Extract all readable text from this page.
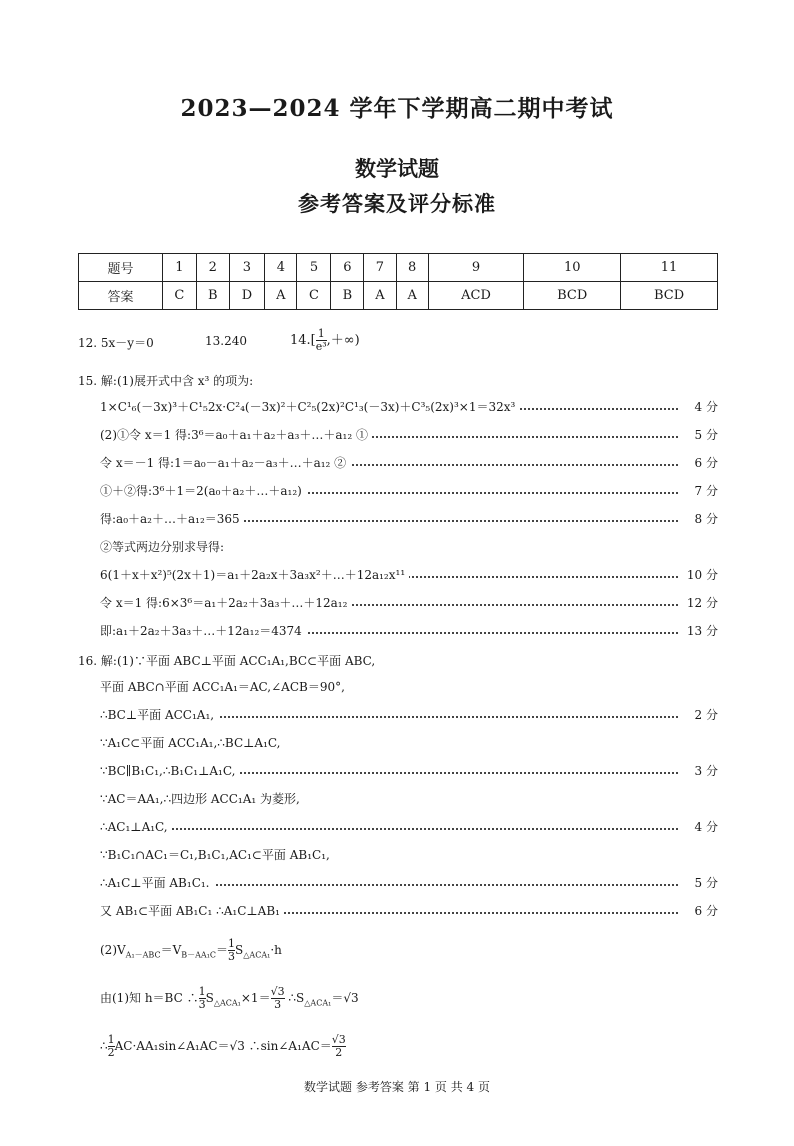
2023—2024 学年下学期高二期中考试
数学试题
参考答案及评分标准
题号	1	2	3	4	5	6	7	8	9	10	11
答案	C	B	D	A	C	B	A	A	ACD	BCD	BCD
12. 5x－y＝0	13.240	$14.[ \frac{1}{\text{e³}}$ ,＋∞)
15. 解:(1)展开式中含 x³ 的项为:
1×C¹₆(－3x)³＋C¹₅2x·C²₄(－3x)²＋C²₅(2x)²C¹₃(－3x)＋C³₅(2x)³×1＝32x³	4 分
(2)①令 x＝1 得:3⁶＝a₀＋a₁＋a₂＋a₃＋…＋a₁₂ ①	5 分
令 x＝－1 得:1＝a₀－a₁＋a₂－a₃＋…＋a₁₂ ②	6 分
①＋②得:3⁶＋1＝2(a₀＋a₂＋…＋a₁₂)	7 分
得:a₀＋a₂＋…＋a₁₂＝365	8 分
②等式两边分别求导得:
6(1＋x＋x²)⁵(2x＋1)＝a₁＋2a₂x＋3a₃x²＋…＋12a₁₂x¹¹	10 分
令 x＝1 得:6×3⁶＝a₁＋2a₂＋3a₃＋…＋12a₁₂	12 分
即:a₁＋2a₂＋3a₃＋…＋12a₁₂＝4374	13 分
16. 解:(1)∵平面 ABC⊥平面 ACC₁A₁,BC⊂平面 ABC,
平面 ABC∩平面 ACC₁A₁＝AC,∠ACB＝90°,
∴BC⊥平面 ACC₁A₁,	2 分
∵A₁C⊂平面 ACC₁A₁,∴BC⊥A₁C,
∵BC∥B₁C₁,∴B₁C₁⊥A₁C,	3 分
∵AC＝AA₁,∴四边形 ACC₁A₁ 为菱形,
∴AC₁⊥A₁C,	4 分
∵B₁C₁∩AC₁＝C₁,B₁C₁,AC₁⊂平面 AB₁C₁,
∴A₁C⊥平面 AB₁C₁.	5 分
又 AB₁⊂平面 AB₁C₁ ∴A₁C⊥AB₁	6 分
$(2)V_{A_1-ABC}=V_{B-AA_1C}= \frac{1}{3} S_{\triangle ACA_1}\cdot h$
由(1)知 h＝BC ∴ $\frac{1}{3} S_{\triangle ACA_1}\times 1= \frac{√3}{3}$ $\therefore S_{\triangle ACA_1}=√3$
∴ $\frac{1}{2}$ AC·AA₁sin∠A₁AC＝√3 ∴sin∠A₁AC＝ $\frac{√3}{2}$
数学试题 参考答案 第 1 页 共 4 页
